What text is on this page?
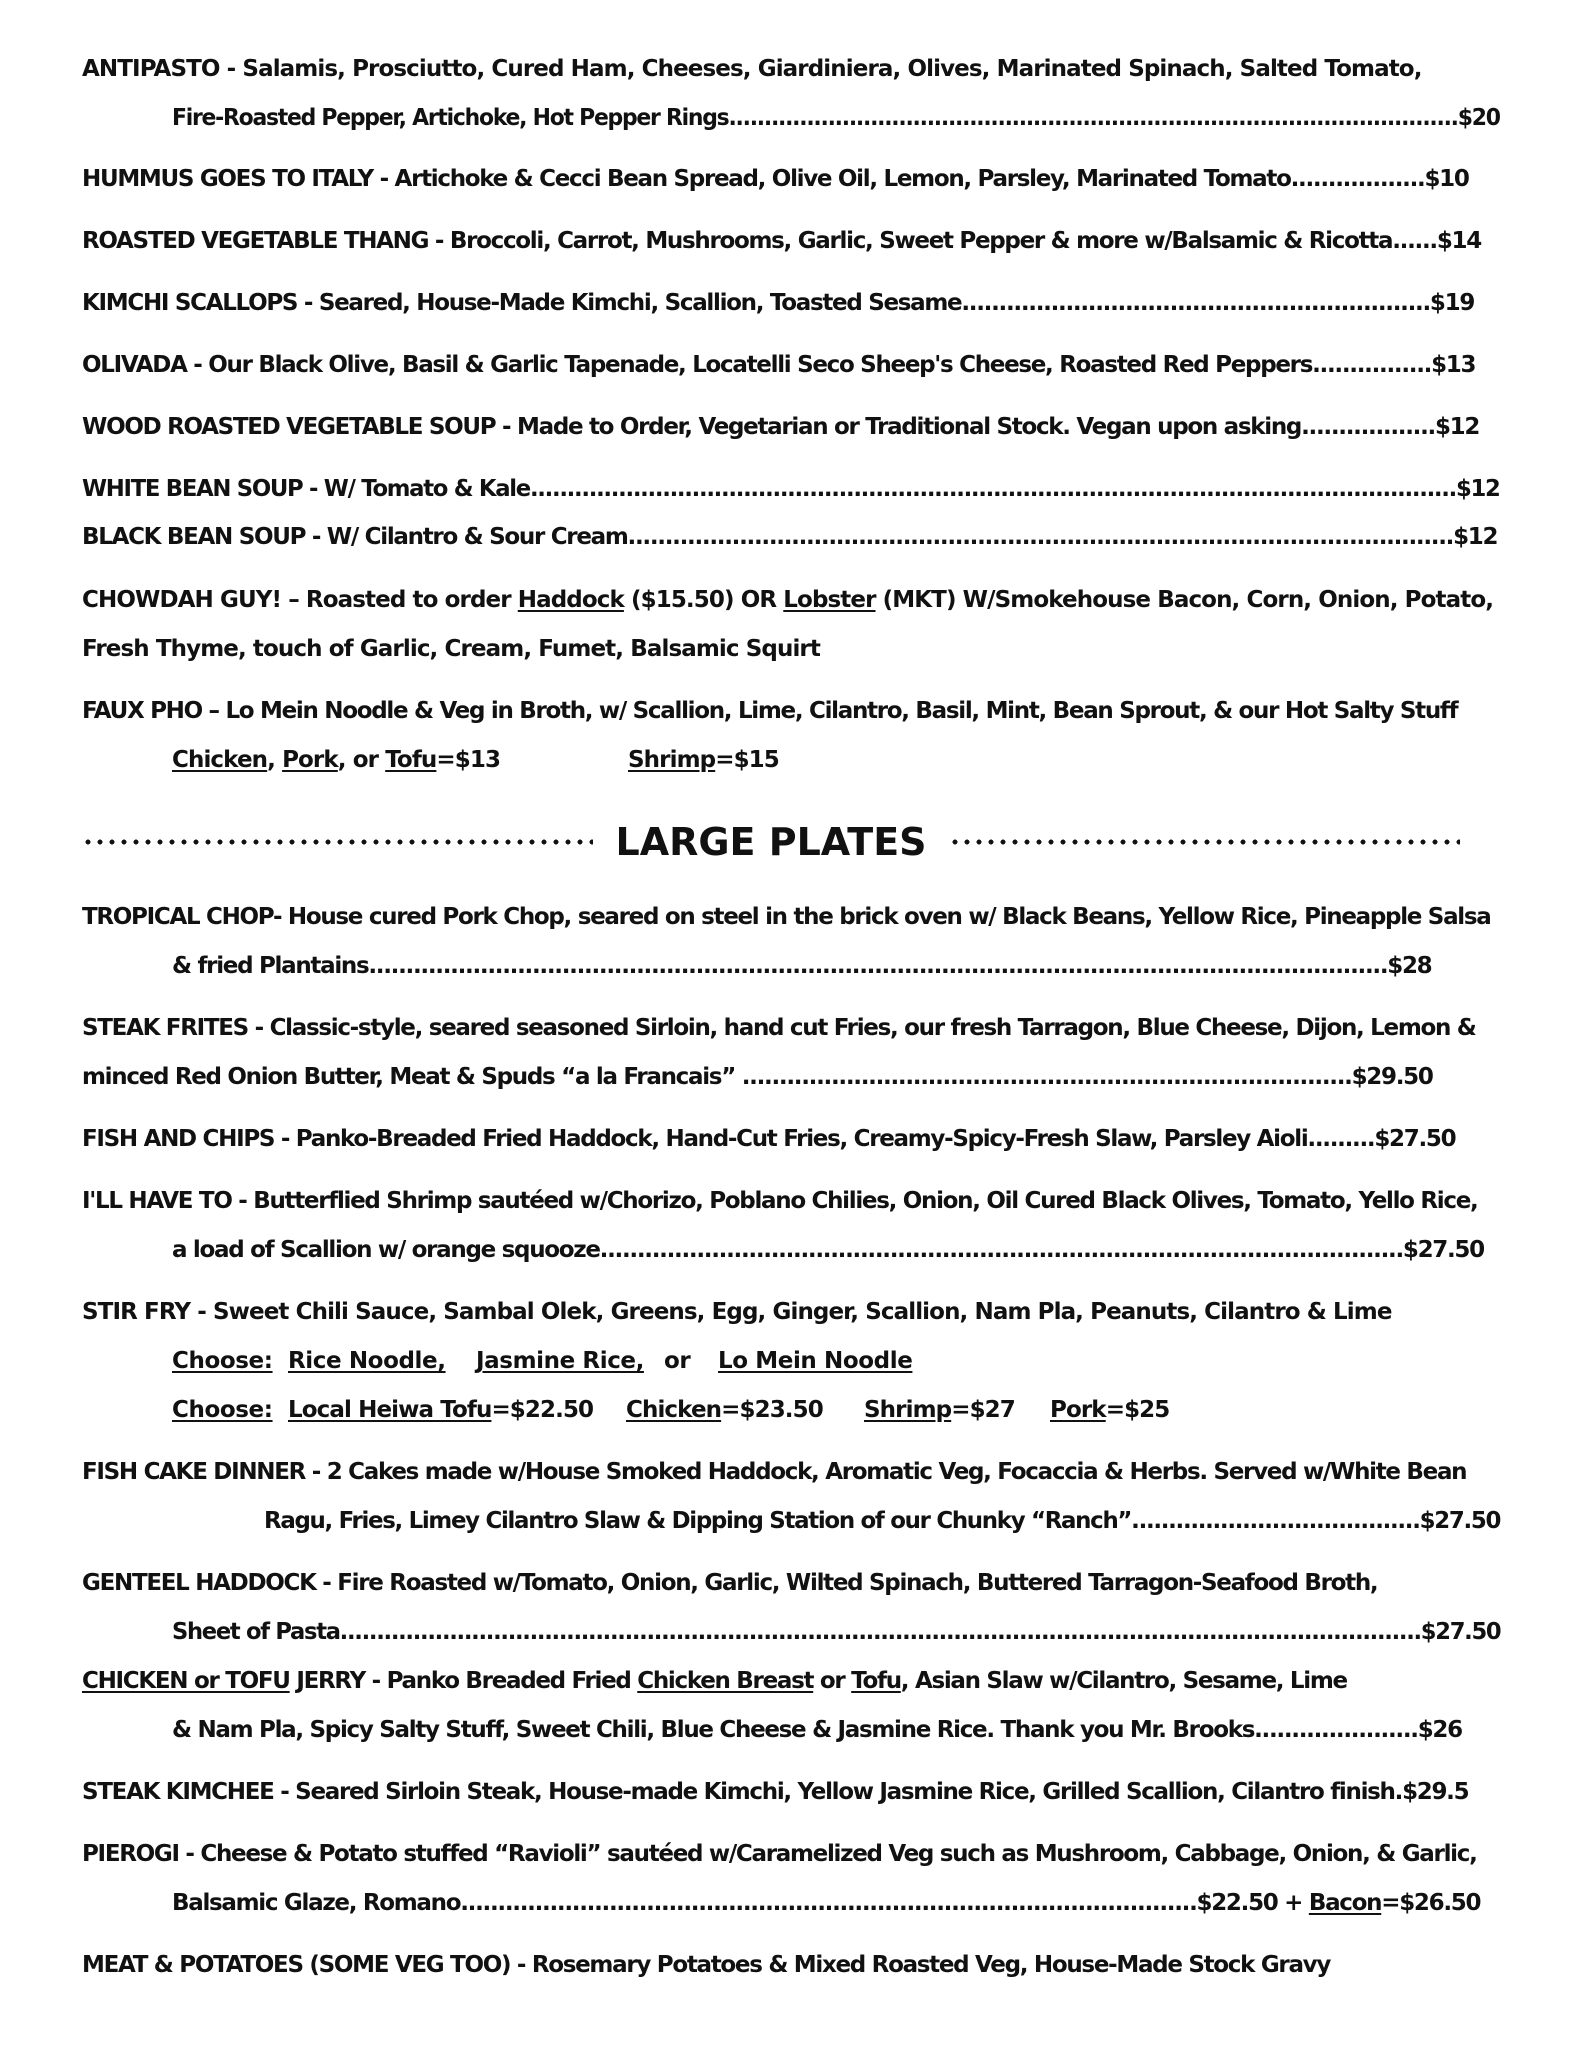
ANTIPASTO - Salamis, Prosciutto, Cured Ham, Cheeses, Giardiniera, Olives, Marinated Spinach, Salted Tomato,
Fire-Roasted Pepper, Artichoke, Hot Pepper Rings.......................................................................................................$20
HUMMUS GOES TO ITALY - Artichoke & Cecci Bean Spread, Olive Oil, Lemon, Parsley, Marinated Tomato..................$10
ROASTED VEGETABLE THANG - Broccoli, Carrot, Mushrooms, Garlic, Sweet Pepper & more w/Balsamic & Ricotta......$14
KIMCHI SCALLOPS - Seared, House-Made Kimchi, Scallion, Toasted Sesame...............................................................$19
OLIVADA - Our Black Olive, Basil & Garlic Tapenade, Locatelli Seco Sheep's Cheese, Roasted Red Peppers................$13
WOOD ROASTED VEGETABLE SOUP - Made to Order, Vegetarian or Traditional Stock. Vegan upon asking..................$12
WHITE BEAN SOUP - W/ Tomato & Kale..............................................................................................................................$12
BLACK BEAN SOUP - W/ Cilantro & Sour Cream...............................................................................................................$12
CHOWDAH GUY! – Roasted to order Haddock ($15.50) OR Lobster (MKT) W/Smokehouse Bacon, Corn, Onion, Potato,
Fresh Thyme, touch of Garlic, Cream, Fumet, Balsamic Squirt
FAUX PHO – Lo Mein Noodle & Veg in Broth, w/ Scallion, Lime, Cilantro, Basil, Mint, Bean Sprout, & our Hot Salty Stuff
Chicken, Pork, or Tofu=$13	Shrimp=$15
LARGE PLATES
TROPICAL CHOP- House cured Pork Chop, seared on steel in the brick oven w/ Black Beans, Yellow Rice, Pineapple Salsa
& fried Plantains.........................................................................................................................................$28
STEAK FRITES - Classic-style, seared seasoned Sirloin, hand cut Fries, our fresh Tarragon, Blue Cheese, Dijon, Lemon &
minced Red Onion Butter, Meat & Spuds “a la Francais” ..................................................................................$29.50
FISH AND CHIPS - Panko-Breaded Fried Haddock, Hand-Cut Fries, Creamy-Spicy-Fresh Slaw, Parsley Aioli.........$27.50
I'LL HAVE TO - Butterflied Shrimp sautéed w/Chorizo, Poblano Chilies, Onion, Oil Cured Black Olives, Tomato, Yello Rice,
a load of Scallion w/ orange squooze............................................................................................................$27.50
STIR FRY - Sweet Chili Sauce, Sambal Olek, Greens, Egg, Ginger, Scallion, Nam Pla, Peanuts, Cilantro & Lime
Choose: Rice Noodle, Jasmine Rice, or Lo Mein Noodle
Choose: Local Heiwa Tofu=$22.50 Chicken=$23.50 Shrimp=$27 Pork=$25
FISH CAKE DINNER - 2 Cakes made w/House Smoked Haddock, Aromatic Veg, Focaccia & Herbs. Served w/White Bean
Ragu, Fries, Limey Cilantro Slaw & Dipping Station of our Chunky “Ranch”.......................................$27.50
GENTEEL HADDOCK - Fire Roasted w/Tomato, Onion, Garlic, Wilted Spinach, Buttered Tarragon-Seafood Broth,
Sheet of Pasta....................................................................................................................................................$27.50
CHICKEN or TOFU JERRY - Panko Breaded Fried Chicken Breast or Tofu, Asian Slaw w/Cilantro, Sesame, Lime
& Nam Pla, Spicy Salty Stuff, Sweet Chili, Blue Cheese & Jasmine Rice. Thank you Mr. Brooks......................$26
STEAK KIMCHEE - Seared Sirloin Steak, House-made Kimchi, Yellow Jasmine Rice, Grilled Scallion, Cilantro finish.$29.5
PIEROGI - Cheese & Potato stuffed “Ravioli” sautéed w/Caramelized Veg such as Mushroom, Cabbage, Onion, & Garlic,
Balsamic Glaze, Romano...................................................................................................$22.50 + Bacon=$26.50
MEAT & POTATOES (SOME VEG TOO) - Rosemary Potatoes & Mixed Roasted Veg, House-Made Stock Gravy
